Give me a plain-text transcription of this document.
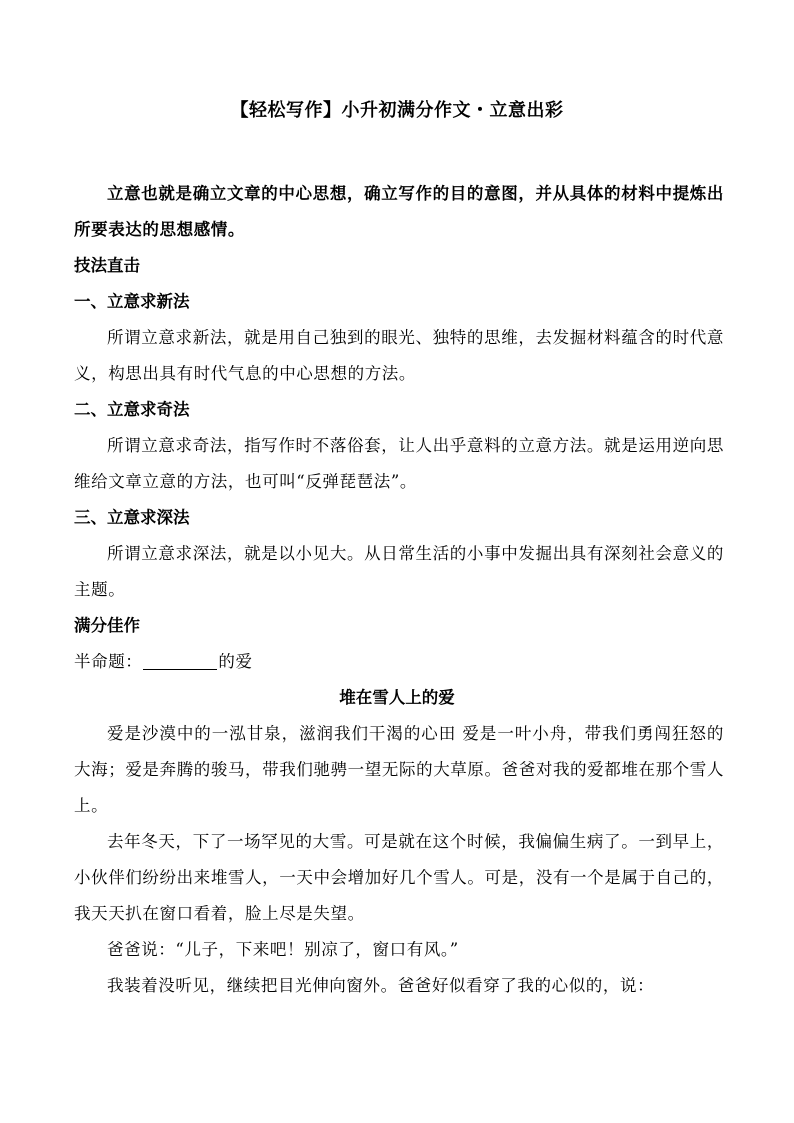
【轻松写作】小升初满分作文・立意出彩
立意也就是确立文章的中心思想，确立写作的目的意图，并从具体的材料中提炼出所要表达的思想感情。
技法直击
一、立意求新法
所谓立意求新法，就是用自己独到的眼光、独特的思维，去发掘材料蕴含的时代意义，构思出具有时代气息的中心思想的方法。
二、立意求奇法
所谓立意求奇法，指写作时不落俗套，让人出乎意料的立意方法。就是运用逆向思维给文章立意的方法，也可叫“反弹琵琶法”。
三、立意求深法
所谓立意求深法，就是以小见大。从日常生活的小事中发掘出具有深刻社会意义的主题。
满分佳作
半命题：	的爱
堆在雪人上的爱
爱是沙漠中的一泓甘泉，滋润我们干渴的心田 爱是一叶小舟，带我们勇闯狂怒的大海；爱是奔腾的骏马，带我们驰骋一望无际的大草原。爸爸对我的爱都堆在那个雪人上。
去年冬天，下了一场罕见的大雪。可是就在这个时候，我偏偏生病了。一到早上，小伙伴们纷纷出来堆雪人，一天中会增加好几个雪人。可是，没有一个是属于自己的，我天天扒在窗口看着，脸上尽是失望。
爸爸说：“儿子，下来吧！别凉了，窗口有风。”
我装着没听见，继续把目光伸向窗外。爸爸好似看穿了我的心似的，说：
